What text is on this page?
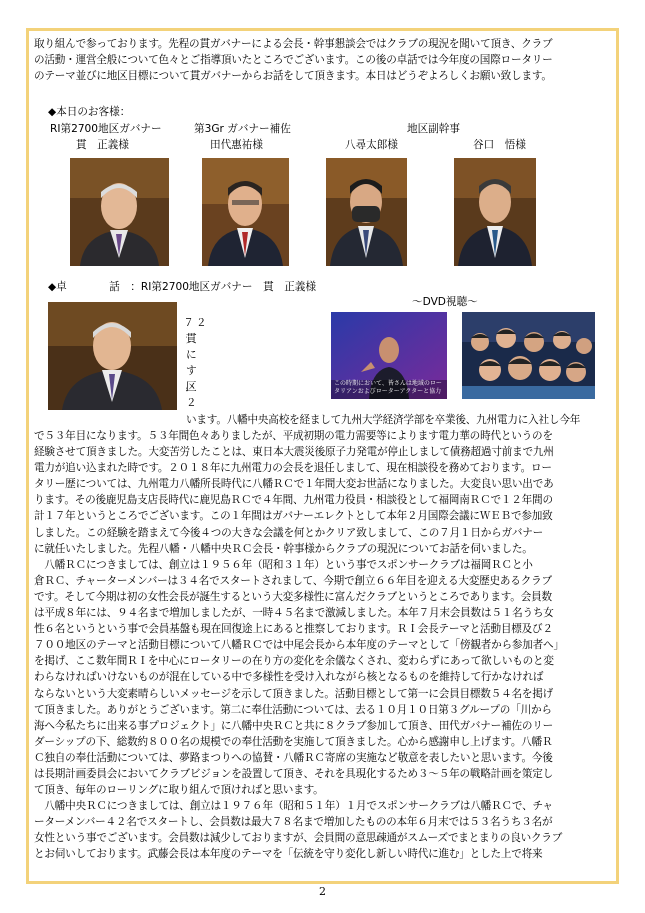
取り組んで参っております。先程の貫ガバナーによる会長・幹事懇談会ではクラブの現況を聞いて頂き、クラブ
の活動・運営全般について色々とご指導頂いたところでございます。この後の卓話では今年度の国際ロータリー
のテーマ並びに地区目標について貫ガバナーからお話をして頂きます。本日はどうぞよろしくお願い致します。
◆本日のお客様：
RI第2700地区ガバナー	第3Gr ガバナー補佐	地区副幹事
貫　正義様	田代惠祐様	八尋太郎様	谷口　悟様
◆卓　　　　話　：RI第2700地区ガバナー　貫　正義様
～DVD視聴～
この時期において、皆さんは地域のロータリアンおよびローターアクターと協力
います。八幡中央高校を経まして九州大学経済学部を卒業後、九州電力に入社し今年
で５３年目になります。５３年間色々ありましたが、平成初期の電力需要等によります電力華の時代というのを
経験させて頂きました。大変苦労したことは、東日本大震災後原子力発電が停止しまして債務超過寸前まで九州
電力が追い込まれた時です。２０１８年に九州電力の会長を退任しまして、現在相談役を務めております。ロー
タリー歴については、九州電力八幡所長時代に八幡ＲＣで１年間大変お世話になりました。大変良い思い出であ
ります。その後鹿児島支店長時代に鹿児島ＲＣで４年間、九州電力役員・相談役として福岡南ＲＣで１２年間の
計１７年というところでございます。この１年間はガバナーエレクトとして本年２月国際会議にＷＥＢで参加致
しました。この経験を踏まえて今後４つの大きな会議を何とかクリア致しまして、この７月１日からガバナー
に就任いたしました。先程八幡・八幡中央ＲＣ会長・幹事様からクラブの現況についてお話を伺いました。
　八幡ＲＣにつきましては、創立は１９５６年（昭和３１年）という事でスポンサークラブは福岡ＲＣと小
倉ＲＣ、チャーターメンバーは３４名でスタートされまして、今期で創立６６年目を迎える大変歴史あるクラブ
です。そして今期は初の女性会長が誕生するという大変多様性に富んだクラブというところであります。会員数
は平成８年には、９４名まで増加しましたが、一時４５名まで激減しました。本年７月末会員数は５１名うち女
性６名というという事で会員基盤も現在回復途上にあると推察しております。ＲＩ会長テーマと活動目標及び２
７００地区のテーマと活動目標について八幡ＲＣでは中尾会長から本年度のテーマとして「傍観者から参加者へ」
を掲げ、ここ数年間ＲＩを中心にロータリーの在り方の変化を余儀なくされ、変わらずにあって欲しいものと変
わらなければいけないものが混在している中で多様性を受け入れながら核となるものを維持して行かなければ
ならないという大変素晴らしいメッセージを示して頂きました。活動目標として第一に会員目標数５４名を掲げ
て頂きました。ありがとうございます。第二に奉仕活動については、去る１０月１０日第３グループの「川から
海へ今私たちに出来る事プロジェクト」に八幡中央ＲＣと共に８クラブ参加して頂き、田代ガバナー補佐のリー
ダーシップの下、総数約８００名の規模での奉仕活動を実施して頂きました。心から感謝申し上げます。八幡Ｒ
Ｃ独自の奉仕活動については、夢路まつりへの協賛・八幡ＲＣ寄席の実施など敬意を表したいと思います。今後
は長期計画委員会においてクラブビジョンを設置して頂き、それを具現化するため３～５年の戦略計画を策定し
て頂き、毎年のローリングに取り組んで頂ければと思います。
　八幡中央ＲＣにつきましては、創立は１９７６年（昭和５１年）１月でスポンサークラブは八幡ＲＣで、チャ
ーターメンバー４２名でスタートし、会員数は最大７８名まで増加したものの本年６月末では５３名うち３名が
女性という事でございます。会員数は減少しておりますが、会員間の意思疎通がスムーズでまとまりの良いクラブ
とお伺いしております。武藤会長は本年度のテーマを「伝統を守り変化し新しい時代に進む」とした上で将来
2
